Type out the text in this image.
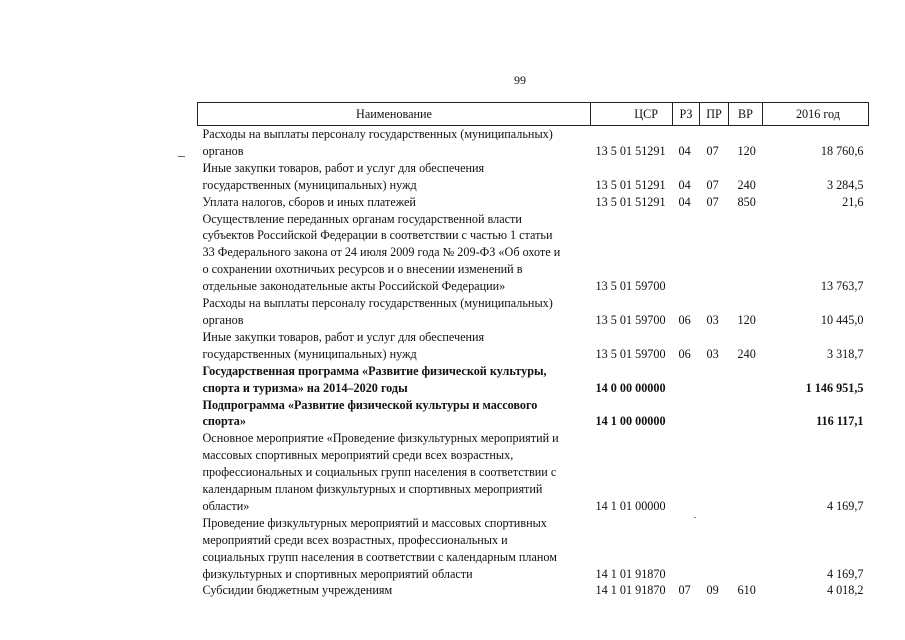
99
Наименование	ЦСР	РЗ	ПР	ВР	2016 год

Расходы на выплаты персоналу государственных (муниципальных)
органов	13 5 01 51291	04	07	120	18 760,6

Иные закупки товаров, работ и услуг для обеспечения
государственных (муниципальных) нужд	13 5 01 51291	04	07	240	3 284,5

Уплата налогов, сборов и иных платежей	13 5 01 51291	04	07	850	21,6

Осуществление переданных органам государственной власти
субъектов Российской Федерации в соответствии с частью 1 статьи
33 Федерального закона от 24 июля 2009 года № 209-ФЗ «Об охоте и
о сохранении охотничьих ресурсов и о внесении изменений в
отдельные законодательные акты Российской Федерации»	13 5 01 59700				13 763,7

Расходы на выплаты персоналу государственных (муниципальных)
органов	13 5 01 59700	06	03	120	10 445,0

Иные закупки товаров, работ и услуг для обеспечения
государственных (муниципальных) нужд	13 5 01 59700	06	03	240	3 318,7

Государственная программа «Развитие физической культуры,
спорта и туризма» на 2014–2020 годы	14 0 00 00000				1 146 951,5

Подпрограмма «Развитие физической культуры и массового
спорта»	14 1 00 00000				116 117,1

Основное мероприятие «Проведение физкультурных мероприятий и
массовых спортивных мероприятий среди всех возрастных,
профессиональных и социальных групп населения в соответствии с
календарным планом физкультурных и спортивных мероприятий
области»	14 1 01 00000				4 169,7

Проведение физкультурных мероприятий и массовых спортивных
мероприятий среди всех возрастных, профессиональных и
социальных групп населения в соответствии с календарным планом
физкультурных и спортивных мероприятий области	14 1 01 91870				4 169,7

Субсидии бюджетным учреждениям	14 1 01 91870	07	09	610	4 018,2
